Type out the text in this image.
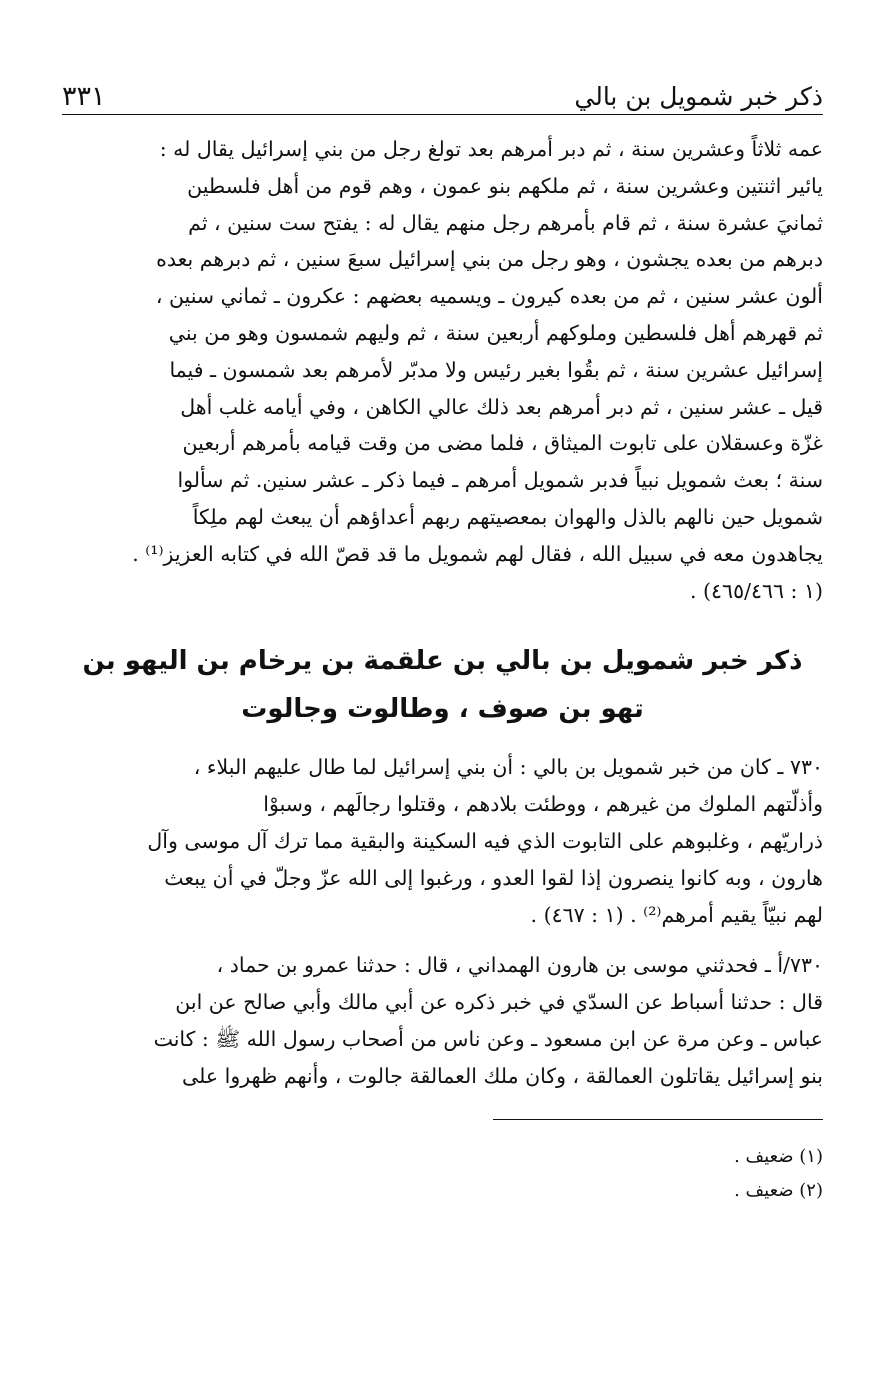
ذكر خبر شمويل بن بالي
٣٣١

عمه ثلاثاً وعشرين سنة ، ثم دبر أمرهم بعد تولغ رجل من بني إسرائيل يقال له :
يائير اثنتين وعشرين سنة ، ثم ملكهم بنو عمون ، وهم قوم من أهل فلسطين
ثمانيَ عشرة سنة ، ثم قام بأمرهم رجل منهم يقال له : يفتح ست سنين ، ثم
دبرهم من بعده يجشون ، وهو رجل من بني إسرائيل سبعَ سنين ، ثم دبرهم بعده
ألون عشر سنين ، ثم من بعده كيرون ـ ويسميه بعضهم : عكرون ـ ثماني سنين ،
ثم قهرهم أهل فلسطين وملوكهم أربعين سنة ، ثم وليهم شمسون وهو من بني
إسرائيل عشرين سنة ، ثم بقُوا بغير رئيس ولا مدبّر لأمرهم بعد شمسون ـ فيما
قيل ـ عشر سنين ، ثم دبر أمرهم بعد ذلك عالي الكاهن ، وفي أيامه غلب أهل
غزّة وعسقلان على تابوت الميثاق ، فلما مضى من وقت قيامه بأمرهم أربعين
سنة ؛ بعث شمويل نبياً فدبر شمويل أمرهم ـ فيما ذكر ـ عشر سنين. ثم سألوا
شمويل حين نالهم بالذل والهوان بمعصيتهم ربهم أعداؤهم أن يبعث لهم ملِكاً
يجاهدون معه في سبيل الله ، فقال لهم شمويل ما قد قصّ الله في كتابه العزيز⁽¹⁾ .
(١ : ٤٦٥/٤٦٦) .

ذكر خبر شمويل بن بالي بن علقمة بن يرخام بن اليهو بن
تهو بن صوف ، وطالوت وجالوت

٧٣٠ ـ كان من خبر شمويل بن بالي : أن بني إسرائيل لما طال عليهم البلاء ،
وأذلّتهم الملوك من غيرهم ، ووطئت بلادهم ، وقتلوا رجالَهم ، وسبوْا
ذراريّهم ، وغلبوهم على التابوت الذي فيه السكينة والبقية مما ترك آل موسى وآل
هارون ، وبه كانوا ينصرون إذا لقوا العدو ، ورغبوا إلى الله عزّ وجلّ في أن يبعث
لهم نبيّاً يقيم أمرهم⁽²⁾ . (١ : ٤٦٧) .

٧٣٠/أ ـ فحدثني موسى بن هارون الهمداني ، قال : حدثنا عمرو بن حماد ،
قال : حدثنا أسباط عن السدّي في خبر ذكره عن أبي مالك وأبي صالح عن ابن
عباس ـ وعن مرة عن ابن مسعود ـ وعن ناس من أصحاب رسول الله ﷺ : كانت
بنو إسرائيل يقاتلون العمالقة ، وكان ملك العمالقة جالوت ، وأنهم ظهروا على

(١) ضعيف .
(٢) ضعيف .
